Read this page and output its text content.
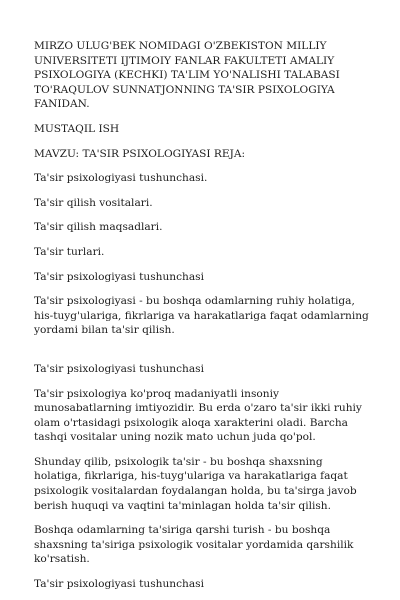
MIRZO ULUG'BEK NOMIDAGI O'ZBEKISTON MILLIY UNIVERSITETI IJTIMOIY FANLAR FAKULTETI AMALIY PSIXOLOGIYA (KECHKI) TA'LIM YO'NALISHI TALABASI TO'RAQULOV SUNNATJONNING TA'SIR PSIXOLOGIYA FANIDAN.

MUSTAQIL ISH

MAVZU: TA'SIR PSIXOLOGIYASI REJA:

Ta'sir psixologiyasi tushunchasi.

Ta'sir qilish vositalari.

Ta'sir qilish maqsadlari.

Ta'sir turlari.

Ta'sir psixologiyasi tushunchasi

Ta'sir psixologiyasi - bu boshqa odamlarning ruhiy holatiga, his-tuyg'ulariga, fikrlariga va harakatlariga faqat odamlarning yordami bilan ta'sir qilish.

Ta'sir psixologiyasi tushunchasi

Ta'sir psixologiya ko'proq madaniyatli insoniy munosabatlarning imtiyozidir. Bu erda o'zaro ta'sir ikki ruhiy olam o'rtasidagi psixologik aloqa xarakterini oladi. Barcha tashqi vositalar uning nozik mato uchun juda qo'pol.

Shunday qilib, psixologik ta'sir - bu boshqa shaxsning holatiga, fikrlariga, his-tuyg'ulariga va harakatlariga faqat psixologik vositalardan foydalangan holda, bu ta'sirga javob berish huquqi va vaqtini ta'minlagan holda ta'sir qilish.

Boshqa odamlarning ta'siriga qarshi turish - bu boshqa shaxsning ta'siriga psixologik vositalar yordamida qarshilik ko'rsatish.

Ta'sir psixologiyasi tushunchasi
